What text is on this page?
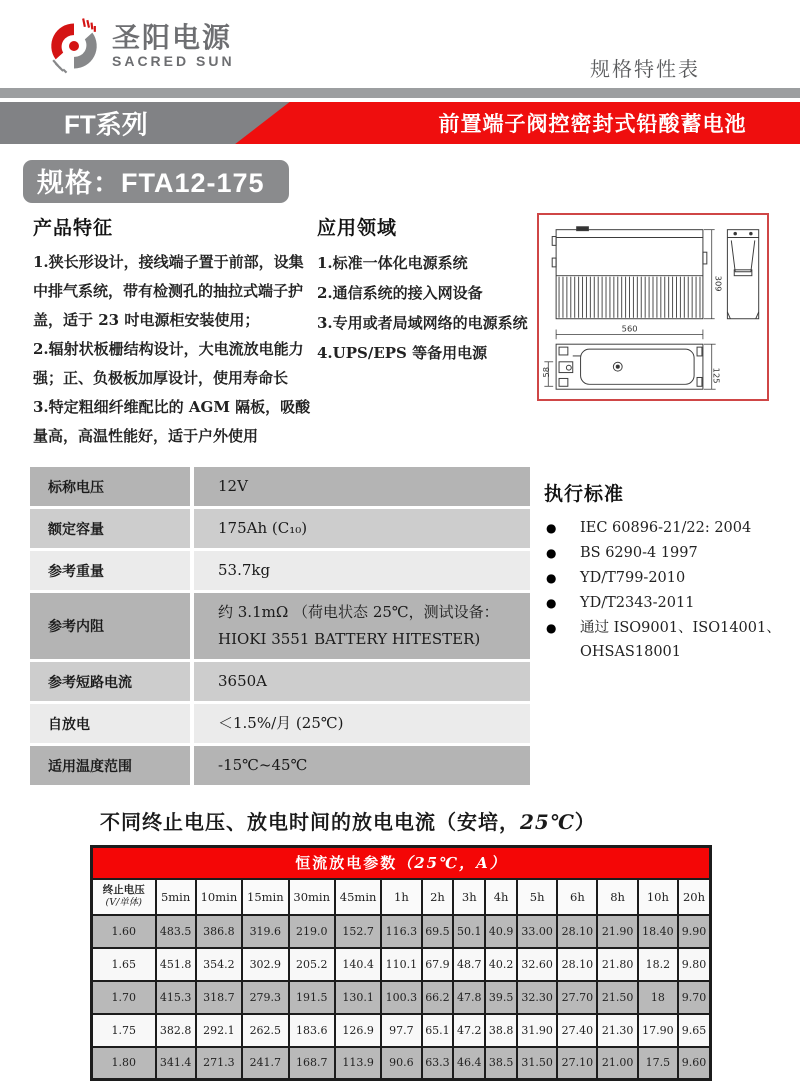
圣阳电源
SACRED SUN	规格特性表
FT系列	前置端子阀控密封式铅酸蓄电池
规格：FTA12-175
产品特征
1.狭长形设计，接线端子置于前部，设集中排气系统，带有检测孔的抽拉式端子护盖，适于 23 吋电源柜安装使用；
2.辐射状板栅结构设计，大电流放电能力强；正、负极板加厚设计，使用寿命长
3.特定粗细纤维配比的 AGM 隔板，吸酸量高，高温性能好，适于户外使用
应用领域
1.标准一体化电源系统
2.通信系统的接入网设备
3.专用或者局域网络的电源系统
4.UPS/EPS 等备用电源
309
560
58	125
标称电压	12V
额定容量	175Ah (C₁₀)
参考重量	53.7kg
参考内阻	约 3.1mΩ （荷电状态 25℃，测试设备：HIOKI 3551 BATTERY HITESTER)
参考短路电流	3650A
自放电	＜1.5%/月 (25℃)
适用温度范围	-15℃~45℃
执行标准
● IEC 60896-21/22: 2004
● BS 6290-4 1997
● YD/T799-2010
● YD/T2343-2011
● 通过 ISO9001、ISO14001、OHSAS18001
不同终止电压、放电时间的放电电流（安培，25℃）
恒流放电参数（25℃，A）														

终止电压
(V/单体)	5min	10min	15min	30min	45min	1h	2h	3h	4h	5h	6h	8h	10h	20h
1.60	483.5	386.8	319.6	219.0	152.7	116.3	69.5	50.1	40.9	33.00	28.10	21.90	18.40	9.90
1.65	451.8	354.2	302.9	205.2	140.4	110.1	67.9	48.7	40.2	32.60	28.10	21.80	18.2	9.80
1.70	415.3	318.7	279.3	191.5	130.1	100.3	66.2	47.8	39.5	32.30	27.70	21.50	18	9.70
1.75	382.8	292.1	262.5	183.6	126.9	97.7	65.1	47.2	38.8	31.90	27.40	21.30	17.90	9.65
1.80	341.4	271.3	241.7	168.7	113.9	90.6	63.3	46.4	38.5	31.50	27.10	21.00	17.5	9.60
